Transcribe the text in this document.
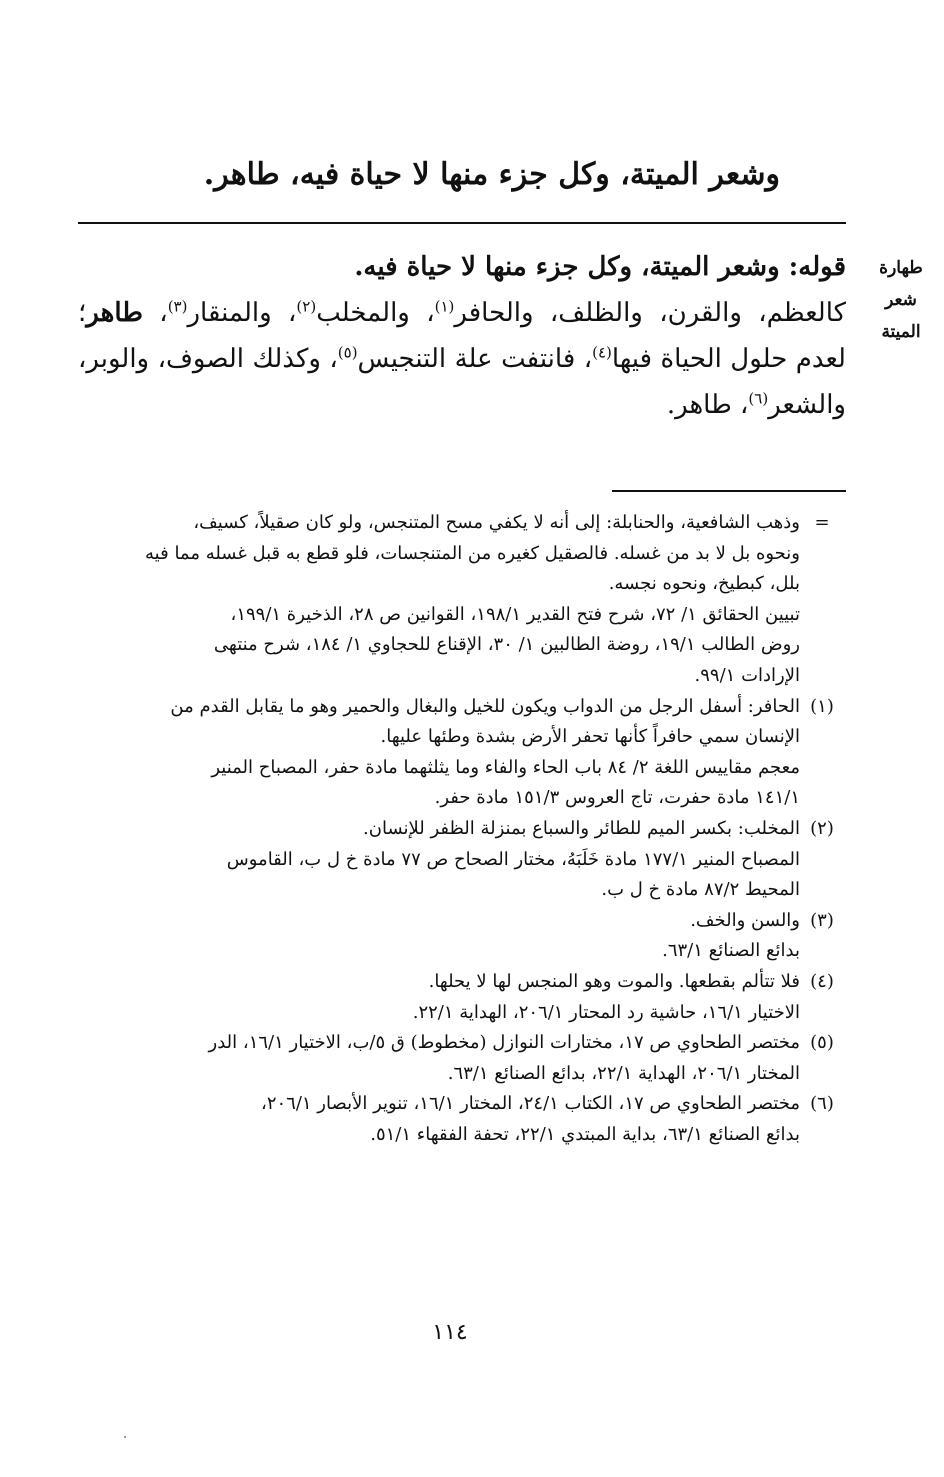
وشعر الميتة، وكل جزء منها لا حياة فيه، طاهر.
طهارة
شعر
الميتة
قوله: وشعر الميتة، وكل جزء منها لا حياة فيه.
كالعظم، والقرن، والظلف، والحافر$^{(١)}$، والمخلب$^{(٢)}$، والمنقار$^{(٣)}$، طاهر؛ لعدم حلول الحياة فيها$^{(٤)}$، فانتفت علة التنجيس$^{(٥)}$، وكذلك الصوف، والوبر، والشعر$^{(٦)}$، طاهر.
=
وذهب الشافعية، والحنابلة: إلى أنه لا يكفي مسح المتنجس، ولو كان صقيلاً، كسيف،
ونحوه بل لا بد من غسله. فالصقيل كغيره من المتنجسات، فلو قطع به قبل غسله مما فيه
بلل، كبطيخ، ونحوه نجسه.
تبيين الحقائق ١/ ٧٢، شرح فتح القدير ١٩٨/١، القوانين ص ٢٨، الذخيرة ١٩٩/١،
روض الطالب ١٩/١، روضة الطالبين ١/ ٣٠، الإقناع للحجاوي ١/ ١٨٤، شرح منتهى
الإرادات ٩٩/١.
(١)
الحافر: أسفل الرجل من الدواب ويكون للخيل والبغال والحمير وهو ما يقابل القدم من
الإنسان سمي حافراً كأنها تحفر الأرض بشدة وطئها عليها.
معجم مقاييس اللغة ٢/ ٨٤ باب الحاء والفاء وما يثلثهما مادة حفر، المصباح المنير
١٤١/١ مادة حفرت، تاج العروس ١٥١/٣ مادة حفر.
(٢)
المخلب: بكسر الميم للطائر والسباع بمنزلة الظفر للإنسان.
المصباح المنير ١٧٧/١ مادة خَلَبَهُ، مختار الصحاح ص ٧٧ مادة خ ل ب، القاموس
المحيط ٨٧/٢ مادة خ ل ب.
(٣)
والسن والخف.
بدائع الصنائع ٦٣/١.
(٤)
فلا تتألم بقطعها. والموت وهو المنجس لها لا يحلها.
الاختيار ١٦/١، حاشية رد المحتار ٢٠٦/١، الهداية ٢٢/١.
(٥)
مختصر الطحاوي ص ١٧، مختارات النوازل (مخطوط) ق ٥/ب، الاختيار ١٦/١، الدر
المختار ٢٠٦/١، الهداية ٢٢/١، بدائع الصنائع ٦٣/١.
(٦)
مختصر الطحاوي ص ١٧، الكتاب ٢٤/١، المختار ١٦/١، تنوير الأبصار ٢٠٦/١،
بدائع الصنائع ٦٣/١، بداية المبتدي ٢٢/١، تحفة الفقهاء ٥١/١.
١١٤
